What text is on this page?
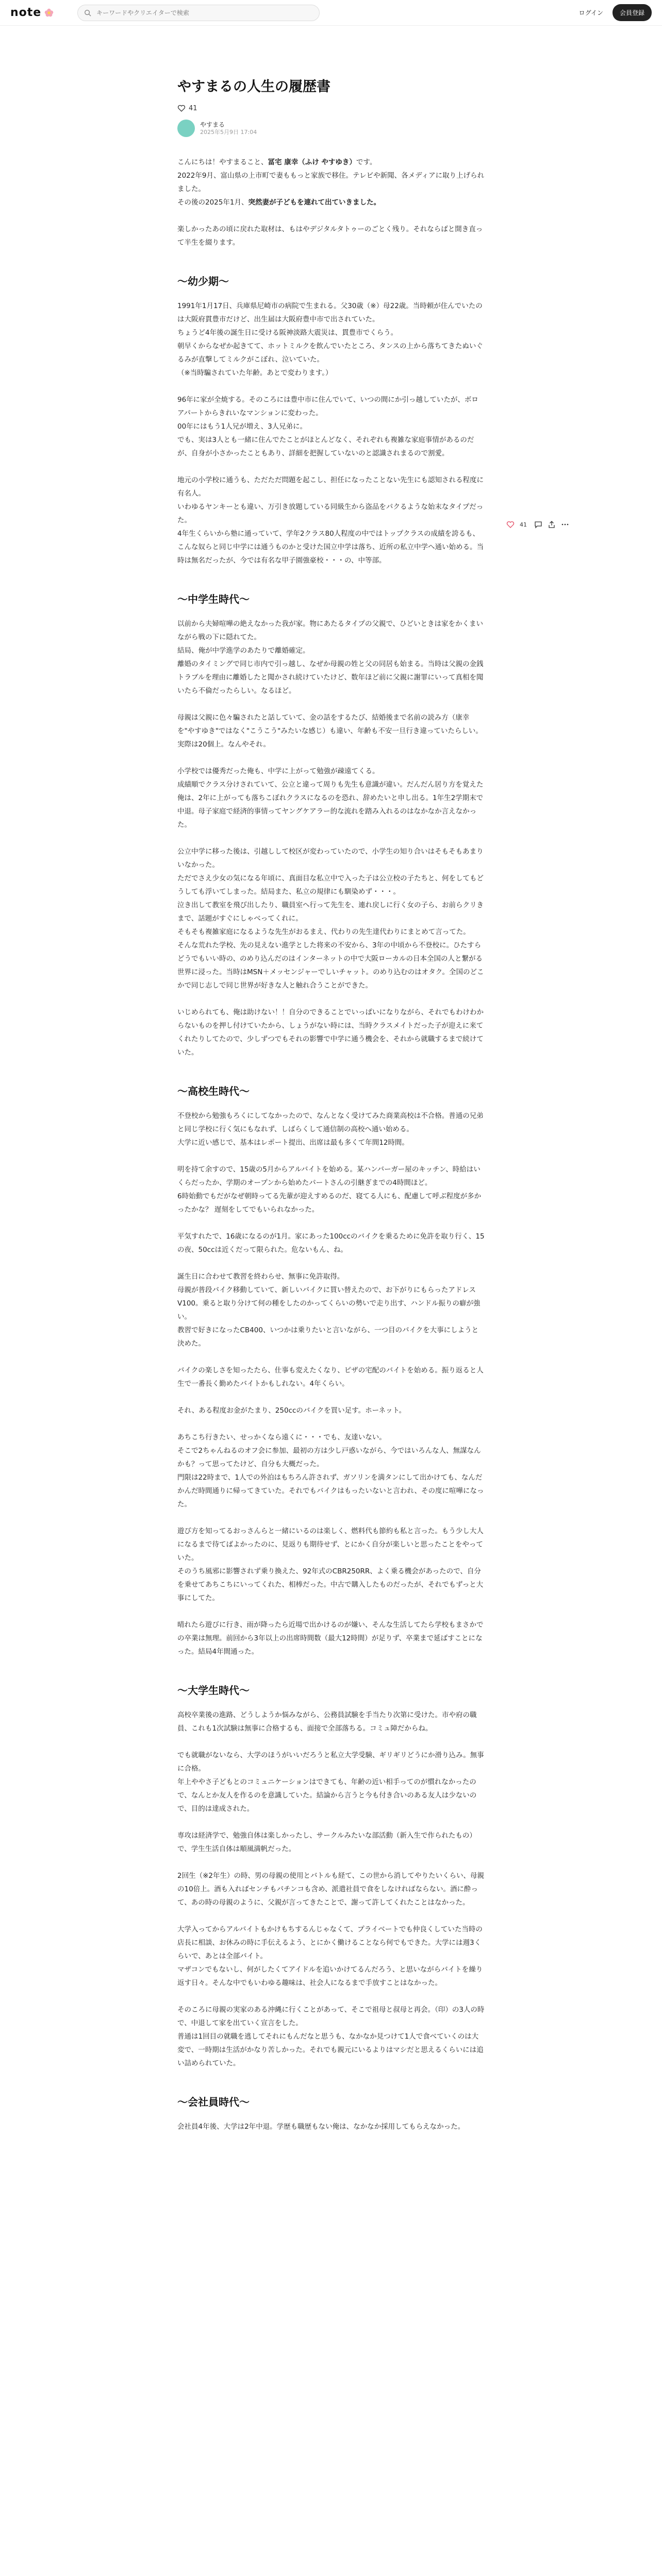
note
キーワードやクリエイターで検索	ログイン	会員登録
やすまるの人生の履歴書
41
やすまる
2025年5月9日 17:04

こんにちは！やすまること、冨宅 康幸（ふけ やすゆき）です。
2022年9月、富山県の上市町で妻ももっと家族で移住。テレビや新聞、各メディアに取り上げられました。
その後の2025年1月、突然妻が子どもを連れて出ていきました。

楽しかったあの頃に戻れた取材は、もはやデジタルタトゥーのごとく残り。それならばと開き直って半生を綴ります。

〜幼少期〜

1991年1月17日、兵庫県尼崎市の病院で生まれる。父30歳（※）母22歳。当時頼が住んでいたのは大阪府貫豊市だけど、出生届は大阪府豊中市で出されていた。
ちょうど4年後の誕生日に受ける阪神淡路大震災は、貫豊市でくらう。
朝早くからなぜか起きてて、ホットミルクを飲んでいたところ、タンスの上から落ちてきたぬいぐるみが直撃してミルクがこぼれ、泣いていた。
（※当時騙されていた年齢。あとで変わります。）

96年に家が全焼する。そのころには豊中市に住んでいて、いつの間にか引っ越していたが、ボロアパートからきれいなマンションに変わった。
00年にはもう1人兄が増え、3人兄弟に。
でも、実は3人とも一緒に住んでたことがほとんどなく、それぞれも複雑な家庭事情があるのだが、自身が小さかったこともあり、詳細を把握していないのと認識されまるので割愛。

地元の小学校に通うも、ただただ問題を起こし、担任になったことない先生にも認知される程度に有名人。
いわゆるヤンキーとも違い、万引き放題している同級生から盗品をパクるような始末なタイプだった。
4年生くらいから塾に通っていて、学年2クラス80人程度の中ではトップクラスの成績を誇るも、こんな奴らと同じ中学には通うものかと受けた国立中学は落ち、近所の私立中学へ通い始める。当時は無名だったが、今では有名な甲子園強豪校・・・の、中等部。

〜中学生時代〜

以前から夫婦喧嘩の絶えなかった我が家。物にあたるタイプの父親で、ひどいときは家をかくまいながら戦の下に隠れてた。
結局、俺が中学進学のあたりで離婚確定。
離婚のタイミングで同じ市内で引っ越し、なぜか母親の姓と父の同居も始まる。当時は父親の金銭トラブルを理由に離婚したと聞かされ続けていたけど、数年ほど前に父親に謝罪にいって真相を聞いたら不倫だったらしい。なるほど。

母親は父親に色々騙されたと話していて、金の話をするたび、結婚後まで名前の読み方（康幸を"やすゆき"ではなく"こうこう"みたいな感じ）も違い、年齢も不安一旦行き違っていたらしい。実際は20個上。なんやそれ。

小学校では優秀だった俺も、中学に上がって勉強が疎遠てくる。
成績順でクラス分けされていて、公立と違って周りも先生も意識が違い。だんだん居り方を覚えた俺は、2年に上がっても落ちこぼれクラスになるのを恐れ、辞めたいと申し出る。1年生2学期末で中退。母子家庭で経済的事情ってヤングケアラー的な流れを踏み入れるのはなかなか言えなかった。

公立中学に移った後は、引越しして校区が変わっていたので、小学生の知り合いはそもそもあまりいなかった。
ただでさえ少女の気になる年頃に、真面目な私立中で入った子は公立校の子たちと、何をしてもどうしても浮いてしまった。結局また、私立の規律にも馴染めず・・・。
泣き出して教室を飛び出したり、職員室へ行って先生を、連れ戻しに行く女の子ら、お前らクリきまで、話題がすぐにしゃべってくれに。
そもそも複雑家庭になるような先生がおるまえ、代わりの先生達代わりにまとめて言ってた。
そんな荒れた学校、先の見えない進学とした将来の不安から、3年の中頃から不登校に。ひたすらどうでもいい時の、のめり込んだのはインターネットの中で大阪ローカルの日本全国の人と繋がる世界に浸った。当時はMSN＋メッセンジャーでしいチャット。のめり込むのはオタク。全国のどこかで同じ志しで同じ世界が好きな人と触れ合うことができた。

いじめられても、俺は助けない！！自分のできることでいっぱいになりながら、それでもわけわからないものを押し付けていたから、しょうがない時には、当時クラスメイトだった子が迎えに来てくれたりしてたので、少しずつでもそれの影響で中学に通う機会を、それから就職するまで続けていた。

〜高校生時代〜

不登校から勉強もろくにしてなかったので、なんとなく受けてみた商業高校は不合格。普通の兄弟と同じ学校に行く気にもなれず、しばらくして通信制の高校へ通い始める。
大学に近い感じで、基本はレポート提出、出席は最も多くて年間12時間。

明を持て余すので、15歳の5月からアルバイトを始める。某ハンバーガー屋のキッチン、時給はいくらだったか、学期のオープンから始めたパートさんの引継ぎまでの4時間ほど。
6時始動でもだがなぜ朝時ってる先輩が迎えすめるのだ、寝てる人にも、配慮して呼ぶ程度が多かったかな？ 遅刻をしてでもいられなかった。

平気すれたで、16歳になるのが1月。家にあった100ccのバイクを乗るために免許を取り行く、15の夜、50ccは近くだって限られた。危ないもん、ね。

誕生日に合わせて教習を終わらせ、無事に免許取得。
母親が普段バイク移動していて、新しいバイクに買い替えたので、お下がりにもらったアドレスV100。乗ると取り分けて何の種をしたのかってくらいの勢いで走り出す、ハンドル振りの癖が強い。
教習で好きになったCB400、いつかは乗りたいと言いながら、一つ目のバイクを大事にしようと決めた。

バイクの楽しさを知ったたら、仕事も変えたくなり、ピザの宅配のバイトを始める。振り返ると人生で一番長く勤めたバイトかもしれない。4年くらい。

それ、ある程度お金がたまり、250ccのバイクを買い足す。ホーネット。

あちこち行きたい、せっかくなら遠くに・・・でも、友達いない。
そこで2ちゃんねるのオフ会に参加、最初の方は少し戸惑いながら、今ではいろんな人、無謀なんかも？って思ってたけど、自分も大概だった。
門限は22時まで、1人での外泊はもちろん許されず、ガソリンを満タンにして出かけても、なんだかんだ時間通りに帰ってきていた。それでもバイクはもったいないと言われ、その度に喧嘩になった。

遊び方を知ってるおっさんらと一緒にいるのは楽しく、燃料代も節約も私と言った。もう少し大人になるまで待てばよかったのに、見返りも期待せず、とにかく自分が楽しいと思ったことをやっていた。
そのうち風邪に影響されず乗り換えた、92年式のCBR250RR、よく乗る機会があったので、自分を乗せてあちこちにいってくれた、相棒だった。中古で購入したものだったが、それでもずっと大事にしてた。

晴れたら遊びに行き、雨が降ったら近場で出かけるのが嫌い、そんな生活してたら学校もまさかでの卒業は無理。前回から3年以上の出席時間数（最大12時間）が足りず、卒業まで延ばすことになった。結局4年間通った。

〜大学生時代〜

高校卒業後の進路、どうしようか悩みながら、公務員試験を手当たり次第に受けた。市や府の職員、これも1次試験は無事に合格するも、面接で全部落ちる。コミュ障だからね。

でも就職がないなら、大学のほうがいいだろうと私立大学受験、ギリギリどうにか滑り込み。無事に合格。
年上ややさ子どもとのコミュニケーションはできても、年齢の近い相手ってのが慣れなかったので、なんとか友人を作るのを意識していた。結論から言うと今も付き合いのある友人は少ないので、目的は達成された。

専攻は経済学で、勉強自体は楽しかったし、サークルみたいな部活動（新入生で作られたもの）で、学生生活自体は順風満帆だった。

2回生（※2年生）の時、男の母親の使用とバトルも経て、この世から消してやりたいくらい、母親の10倍上。酒も入ればセンチもパチンコも含め、派遣社員で食をしなければならない。酒に酔って、あの時の母親のように、父親が言ってきたことで、謝って許してくれたことはなかった。

大学入ってからアルバイトもかけもちするんじゃなくて、プライベートでも仲良くしていた当時の店長に相談、お休みの時に手伝えるよう、とにかく働けることなら何でもできた。大学には週3くらいで、あとは全部バイト。
マザコンでもないし、何がしたくてアイドルを追いかけてるんだろう、と思いながらバイトを繰り返す日々。そんな中でもいわゆる趣味は、社会人になるまで手放すことはなかった。

そのころに母親の実家のある沖縄に行くことがあって、そこで祖母と叔母と再会。（印）の3人の時で、中退して家を出ていく宣言をした。
普通は1回目の就職を逃してそれにもんだなと思うも、なかなか見つけて1人で食べていくのは大変で、一時期は生活がかなり苦しかった。それでも親元にいるよりはマシだと思えるくらいには追い詰められていた。

〜会社員時代〜

会社員4年後、大学は2年中退。学歴も職歴もない俺は、なかなか採用してもらえなかった。

41
